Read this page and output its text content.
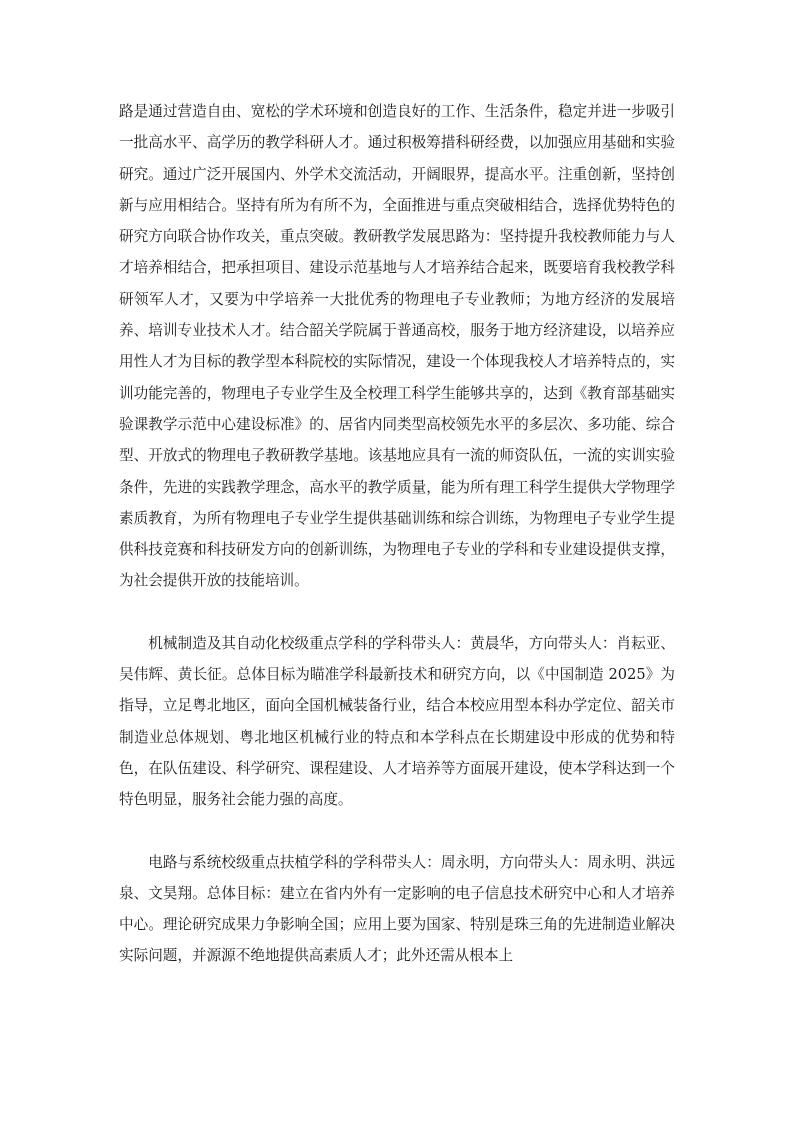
路是通过营造自由、宽松的学术环境和创造良好的工作、生活条件，稳定并进一步吸引一批高水平、高学历的教学科研人才。通过积极筹措科研经费，以加强应用基础和实验研究。通过广泛开展国内、外学术交流活动，开阔眼界，提高水平。注重创新，坚持创新与应用相结合。坚持有所为有所不为，全面推进与重点突破相结合，选择优势特色的研究方向联合协作攻关，重点突破。教研教学发展思路为：坚持提升我校教师能力与人才培养相结合，把承担项目、建设示范基地与人才培养结合起来，既要培育我校教学科研领军人才，又要为中学培养一大批优秀的物理电子专业教师；为地方经济的发展培养、培训专业技术人才。结合韶关学院属于普通高校，服务于地方经济建设，以培养应用性人才为目标的教学型本科院校的实际情况，建设一个体现我校人才培养特点的，实训功能完善的，物理电子专业学生及全校理工科学生能够共享的，达到《教育部基础实验课教学示范中心建设标准》的、居省内同类型高校领先水平的多层次、多功能、综合型、开放式的物理电子教研教学基地。该基地应具有一流的师资队伍，一流的实训实验条件，先进的实践教学理念，高水平的教学质量，能为所有理工科学生提供大学物理学素质教育，为所有物理电子专业学生提供基础训练和综合训练，为物理电子专业学生提供科技竞赛和科技研发方向的创新训练，为物理电子专业的学科和专业建设提供支撑，为社会提供开放的技能培训。

机械制造及其自动化校级重点学科的学科带头人：黄晨华，方向带头人：肖耘亚、吴伟辉、黄长征。总体目标为瞄准学科最新技术和研究方向，以《中国制造 2025》为指导，立足粤北地区，面向全国机械装备行业，结合本校应用型本科办学定位、韶关市制造业总体规划、粤北地区机械行业的特点和本学科点在长期建设中形成的优势和特色，在队伍建设、科学研究、课程建设、人才培养等方面展开建设，使本学科达到一个特色明显，服务社会能力强的高度。

电路与系统校级重点扶植学科的学科带头人：周永明，方向带头人：周永明、洪远泉、文昊翔。总体目标：建立在省内外有一定影响的电子信息技术研究中心和人才培养中心。理论研究成果力争影响全国；应用上要为国家、特别是珠三角的先进制造业解决实际问题，并源源不绝地提供高素质人才；此外还需从根本上
